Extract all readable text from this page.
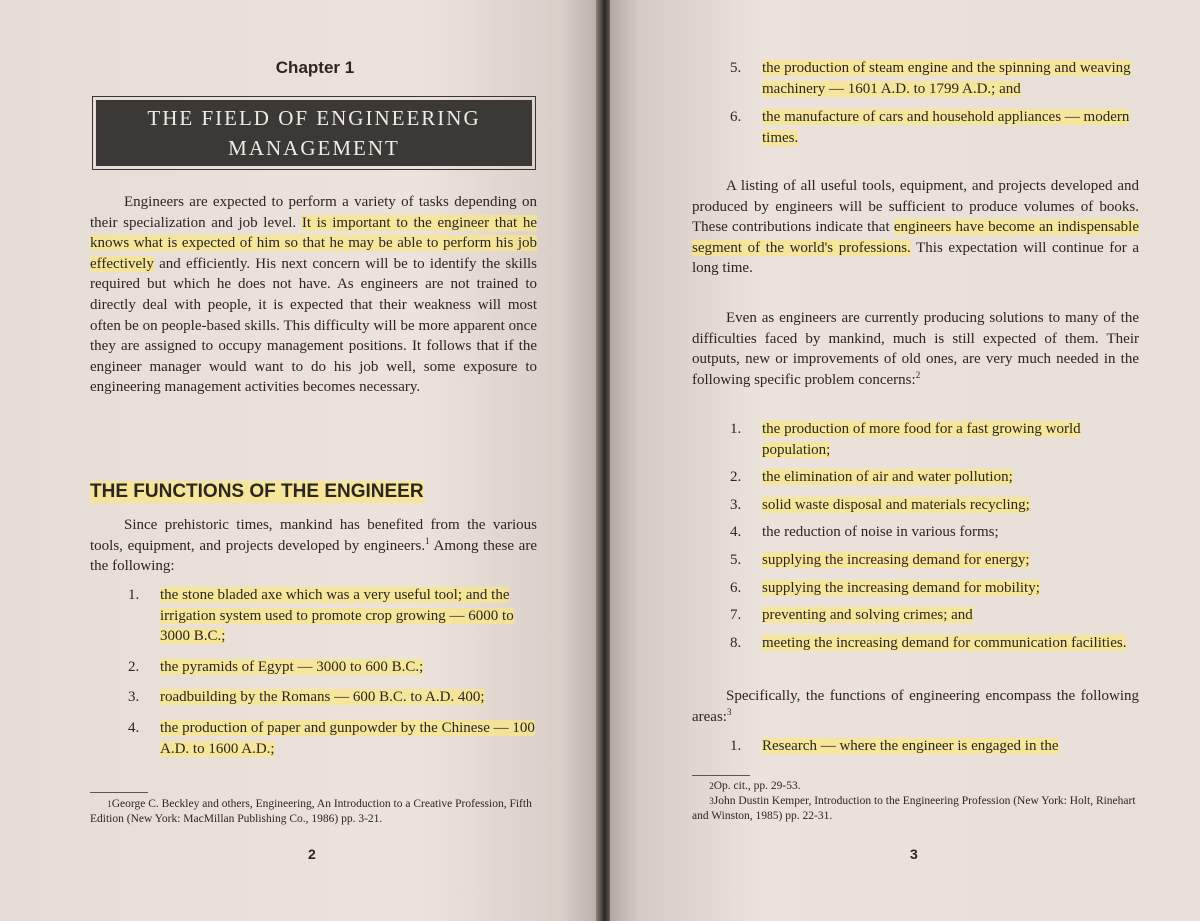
Chapter 1
THE FIELD OF ENGINEERING
MANAGEMENT

Engineers are expected to perform a variety of tasks depending on their specialization and job level. It is important to the engineer that he knows what is expected of him so that he may be able to perform his job effectively and efficiently. His next concern will be to identify the skills required but which he does not have. As engineers are not trained to directly deal with people, it is expected that their weakness will most often be on people-based skills. This difficulty will be more apparent once they are assigned to occupy management positions. It follows that if the engineer manager would want to do his job well, some exposure to engineering management activities becomes necessary.

THE FUNCTIONS OF THE ENGINEER

Since prehistoric times, mankind has benefited from the various tools, equipment, and projects developed by engineers.$^1$ Among these are the following:

1. the stone bladed axe which was a very useful tool; and the irrigation system used to promote crop growing — 6000 to 3000 B.C.;
2. the pyramids of Egypt — 3000 to 600 B.C.;
3. roadbuilding by the Romans — 600 B.C. to A.D. 400;
4. the production of paper and gunpowder by the Chinese — 100 A.D. to 1600 A.D.;

$^1$George C. Beckley and others, Engineering, An Introduction to a Creative Profession, Fifth Edition (New York: MacMillan Publishing Co., 1986) pp. 3-21.

2
5. the production of steam engine and the spinning and weaving machinery — 1601 A.D. to 1799 A.D.; and
6. the manufacture of cars and household appliances — modern times.

A listing of all useful tools, equipment, and projects developed and produced by engineers will be sufficient to produce volumes of books. These contributions indicate that engineers have become an indispensable segment of the world's professions. This expectation will continue for a long time.

Even as engineers are currently producing solutions to many of the difficulties faced by mankind, much is still expected of them. Their outputs, new or improvements of old ones, are very much needed in the following specific problem concerns:$^2$

1. the production of more food for a fast growing world population;
2. the elimination of air and water pollution;
3. solid waste disposal and materials recycling;
4. the reduction of noise in various forms;
5. supplying the increasing demand for energy;
6. supplying the increasing demand for mobility;
7. preventing and solving crimes; and
8. meeting the increasing demand for communication facilities.

Specifically, the functions of engineering encompass the following areas:$^3$

1. Research — where the engineer is engaged in the

$^2$Op. cit., pp. 29-53.

$^3$John Dustin Kemper, Introduction to the Engineering Profession (New York: Holt, Rinehart and Winston, 1985) pp. 22-31.

3
